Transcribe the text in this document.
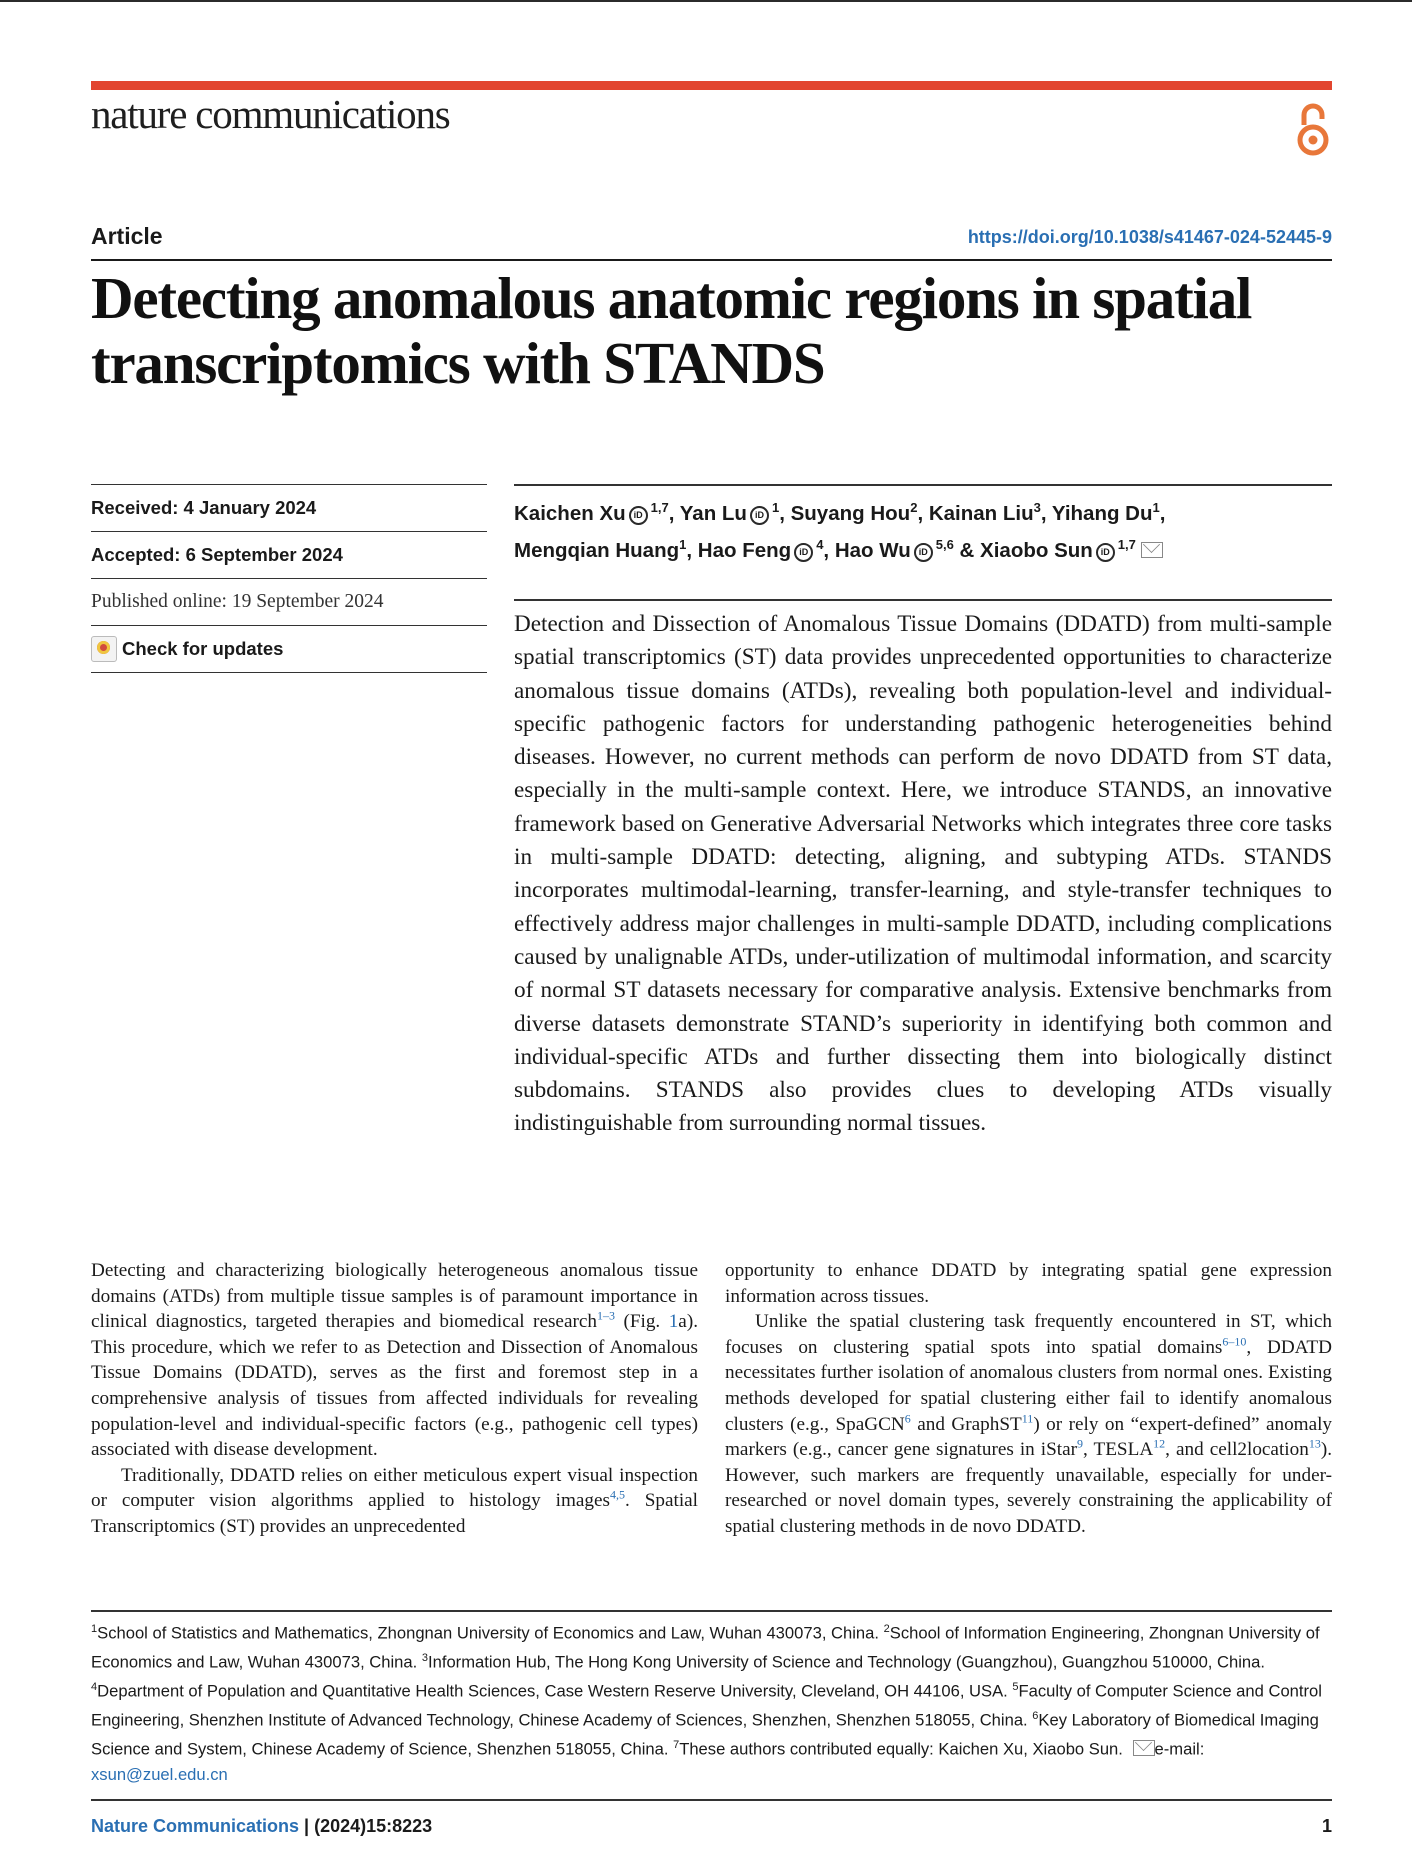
nature communications
Article	https://doi.org/10.1038/s41467-024-52445-9
Detecting anomalous anatomic regions in spatial transcriptomics with STANDS
Received: 4 January 2024
Accepted: 6 September 2024
Published online: 19 September 2024
Check for updates
Kaichen Xu iD $^{1,7}$, Yan Lu iD $^1$, Suyang Hou$^2$, Kainan Liu$^3$, Yihang Du$^1$,
Mengqian Huang$^1$, Hao Feng iD $^4$, Hao Wu iD $^{5,6}$ & Xiaobo Sun iD $^{1,7}$

Detection and Dissection of Anomalous Tissue Domains (DDATD) from multi-sample spatial transcriptomics (ST) data provides unprecedented opportunities to characterize anomalous tissue domains (ATDs), revealing both population-level and individual-specific pathogenic factors for understanding pathogenic heterogeneities behind diseases. However, no current methods can perform de novo DDATD from ST data, especially in the multi-sample context. Here, we introduce STANDS, an innovative framework based on Generative Adversarial Networks which integrates three core tasks in multi-sample DDATD: detecting, aligning, and subtyping ATDs. STANDS incorporates multimodal-learning, transfer-learning, and style-transfer techniques to effectively address major challenges in multi-sample DDATD, including complications caused by unalignable ATDs, under-utilization of multimodal information, and scarcity of normal ST datasets necessary for comparative analysis. Extensive benchmarks from diverse datasets demonstrate STAND’s superiority in identifying both common and individual-specific ATDs and further dissecting them into biologically distinct subdomains. STANDS also provides clues to developing ATDs visually indistinguishable from surrounding normal tissues.

Detecting and characterizing biologically heterogeneous anomalous tissue domains (ATDs) from multiple tissue samples is of paramount importance in clinical diagnostics, targeted therapies and biomedical research$^{1-3}$ (Fig. 1a). This procedure, which we refer to as Detection and Dissection of Anomalous Tissue Domains (DDATD), serves as the first and foremost step in a comprehensive analysis of tissues from affected individuals for revealing population-level and individual-specific factors (e.g., pathogenic cell types) associated with disease development.

Traditionally, DDATD relies on either meticulous expert visual inspection or computer vision algorithms applied to histology images$^{4,5}$. Spatial Transcriptomics (ST) provides an unprecedented

opportunity to enhance DDATD by integrating spatial gene expression information across tissues.

Unlike the spatial clustering task frequently encountered in ST, which focuses on clustering spatial spots into spatial domains$^{6-10}$, DDATD necessitates further isolation of anomalous clusters from normal ones. Existing methods developed for spatial clustering either fail to identify anomalous clusters (e.g., SpaGCN$^6$ and GraphST$^{11}$) or rely on “expert-defined” anomaly markers (e.g., cancer gene signatures in iStar$^9$, TESLA$^{12}$, and cell2location$^{13}$). However, such markers are frequently unavailable, especially for under-researched or novel domain types, severely constraining the applicability of spatial clustering methods in de novo DDATD.

$^1$School of Statistics and Mathematics, Zhongnan University of Economics and Law, Wuhan 430073, China. $^2$School of Information Engineering, Zhongnan University of Economics and Law, Wuhan 430073, China. $^3$Information Hub, The Hong Kong University of Science and Technology (Guangzhou), Guangzhou 510000, China. $^4$Department of Population and Quantitative Health Sciences, Case Western Reserve University, Cleveland, OH 44106, USA. $^5$Faculty of Computer Science and Control Engineering, Shenzhen Institute of Advanced Technology, Chinese Academy of Sciences, Shenzhen, Shenzhen 518055, China. $^6$Key Laboratory of Biomedical Imaging Science and System, Chinese Academy of Science, Shenzhen 518055, China. $^7$These authors contributed equally: Kaichen Xu, Xiaobo Sun. e-mail: xsun@zuel.edu.cn

Nature Communications | (2024)15:8223	1
